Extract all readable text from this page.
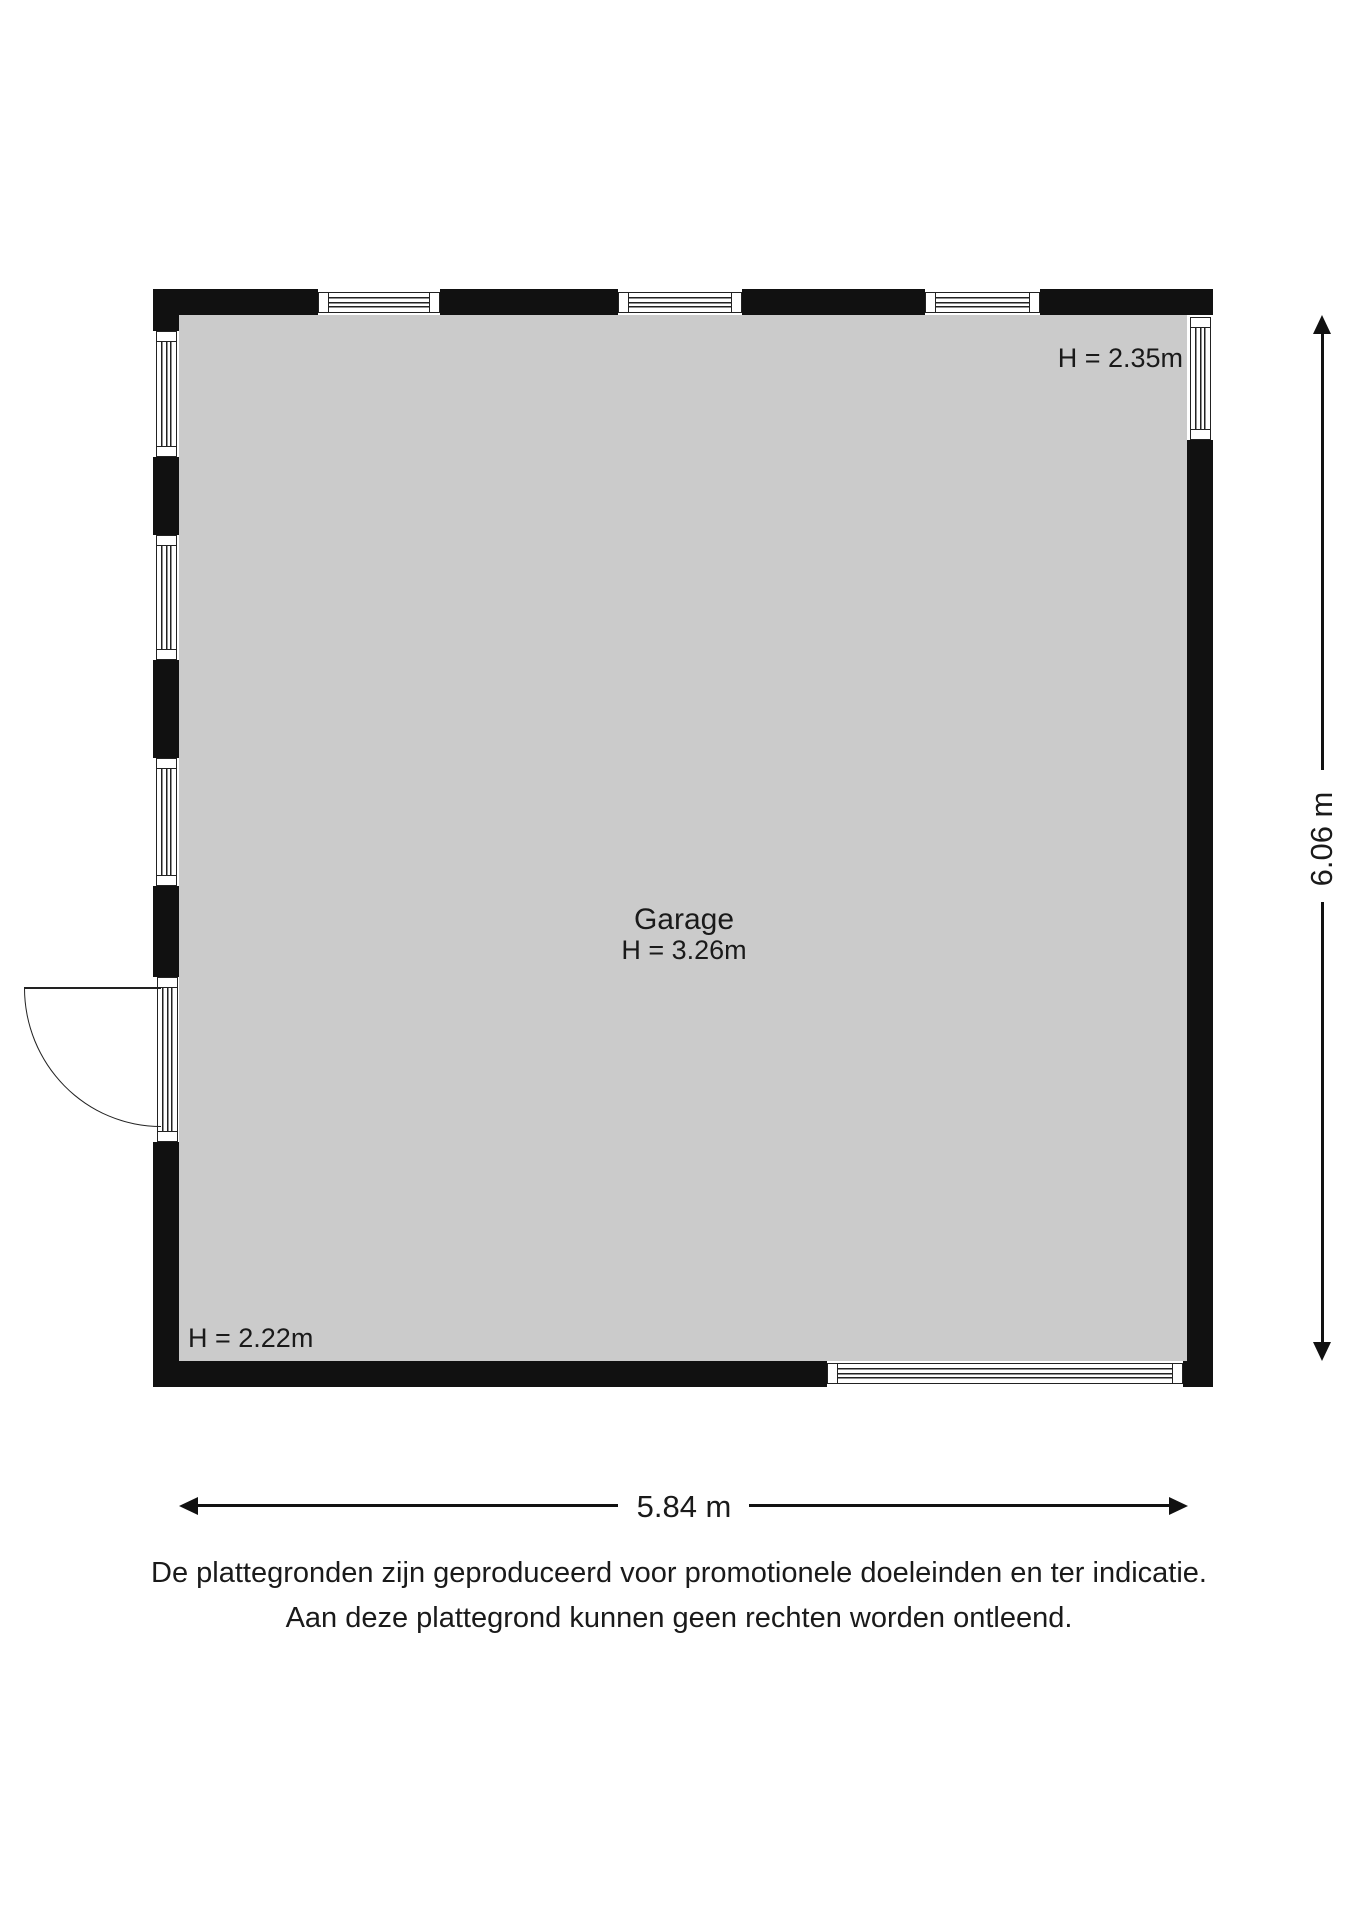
Garage
H = 3.26m
H = 2.35m
H = 2.22m
6.06 m
5.84 m
De plattegronden zijn geproduceerd voor promotionele doeleinden en ter indicatie.
Aan deze plattegrond kunnen geen rechten worden ontleend.
